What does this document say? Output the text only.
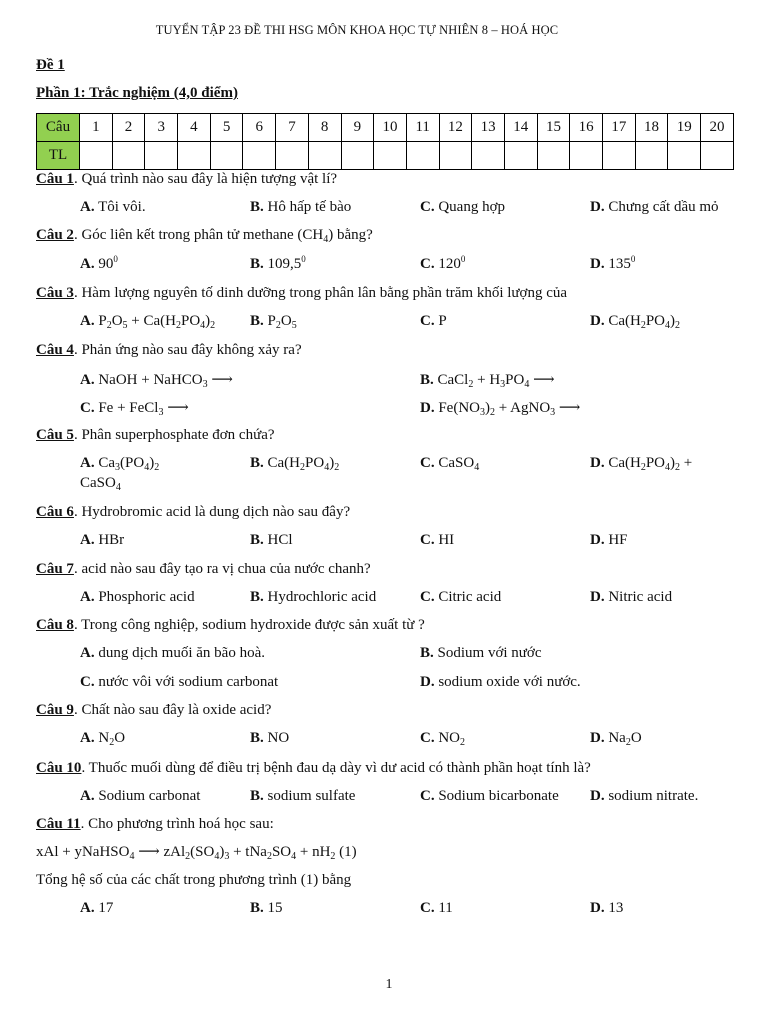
TUYỂN TẬP 23 ĐỀ THI HSG MÔN KHOA HỌC TỰ NHIÊN 8 – HOÁ HỌC
Đề 1
Phần 1: Trắc nghiệm (4,0 điểm)
Câu	1	2	3	4	5	6	7	8	9	10	11	12	13	14	15	16	17	18	19	20
TL																				
Câu 1. Quá trình nào sau đây là hiện tượng vật lí?
A. Tôi vôi.	B. Hô hấp tế bào	C. Quang hợp	D. Chưng cất dầu mỏ
Câu 2. Góc liên kết trong phân tử methane $(CH_4)$ bằng?
A. $90^0$	B. 109,5$^0$	C. $120^0$	D. $135^0$
Câu 3. Hàm lượng nguyên tố dinh dưỡng trong phân lân bằng phần trăm khối lượng của
A. $P_2O_5 + Ca(H_2PO_4)_2$ B. $P_2O_5$	C. P	D. $Ca(H_2PO_4)_2$
Câu 4. Phản ứng nào sau đây không xảy ra?
A. NaOH + NaHCO$_3$ ⟶	B. CaCl$_2$ + $H_3PO_4$ ⟶
C. Fe + FeCl$_3$ ⟶	D. $Fe(NO_3)_2$ + AgNO$_3$ ⟶
Câu 5. Phân superphosphate đơn chứa?
A. $Ca_3(PO_4)_2$	B. $Ca(H_2PO_4)_2$	C. CaSO$_4$	D. $Ca(H_2PO_4)_2$ +
CaSO$_4$
Câu 6. Hydrobromic acid là dung dịch nào sau đây?
A. HBr	B. HCl	C. HI	D. HF
Câu 7. acid nào sau đây tạo ra vị chua của nước chanh?
A. Phosphoric acid	B. Hydrochloric acid	C. Citric acid	D. Nitric acid
Câu 8. Trong công nghiệp, sodium hydroxide được sản xuất từ ?
A. dung dịch muối ăn bão hoà.	B. Sodium với nước
C. nước vôi với sodium carbonat	D. sodium oxide với nước.
Câu 9. Chất nào sau đây là oxide acid?
A. $N_2O$	B. NO	C. $NO_2$	D. $Na_2O$
Câu 10. Thuốc muối dùng để điều trị bệnh đau dạ dày vì dư acid có thành phần hoạt tính là?
A. Sodium carbonat	B. sodium sulfate	C. Sodium bicarbonate D. sodium nitrate.
Câu 11. Cho phương trình hoá học sau:
xAl + yNaHSO$_4$ ⟶ $zAl_2(SO_4)_3 + tNa_2SO_4 + nH_2$ (1)
Tổng hệ số của các chất trong phương trình (1) bằng
A. 17	B. 15	C. 11	D. 13
1
